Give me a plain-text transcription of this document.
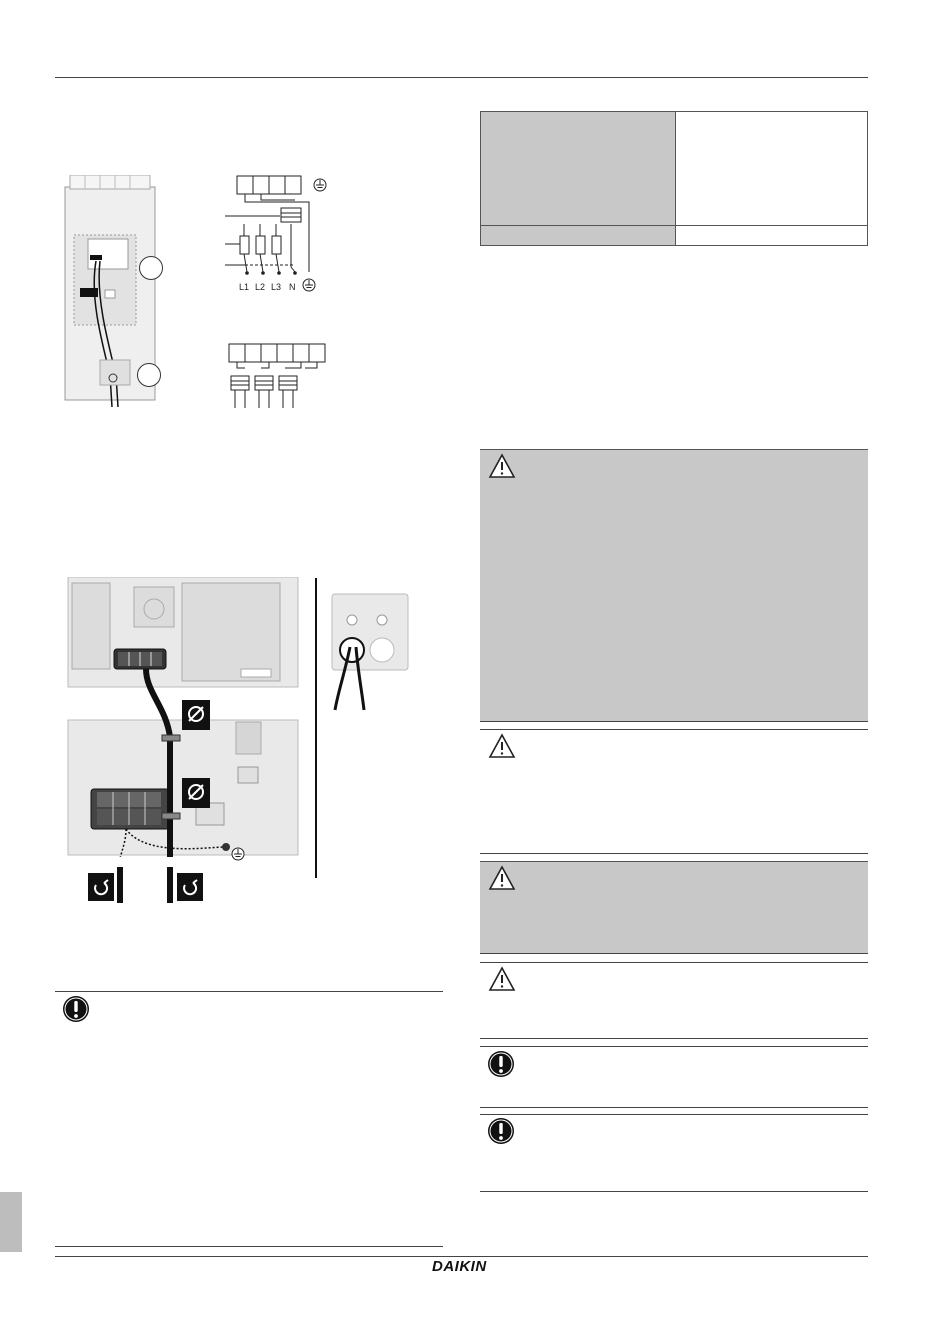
L1 L2 L3 N
DAIKIN
